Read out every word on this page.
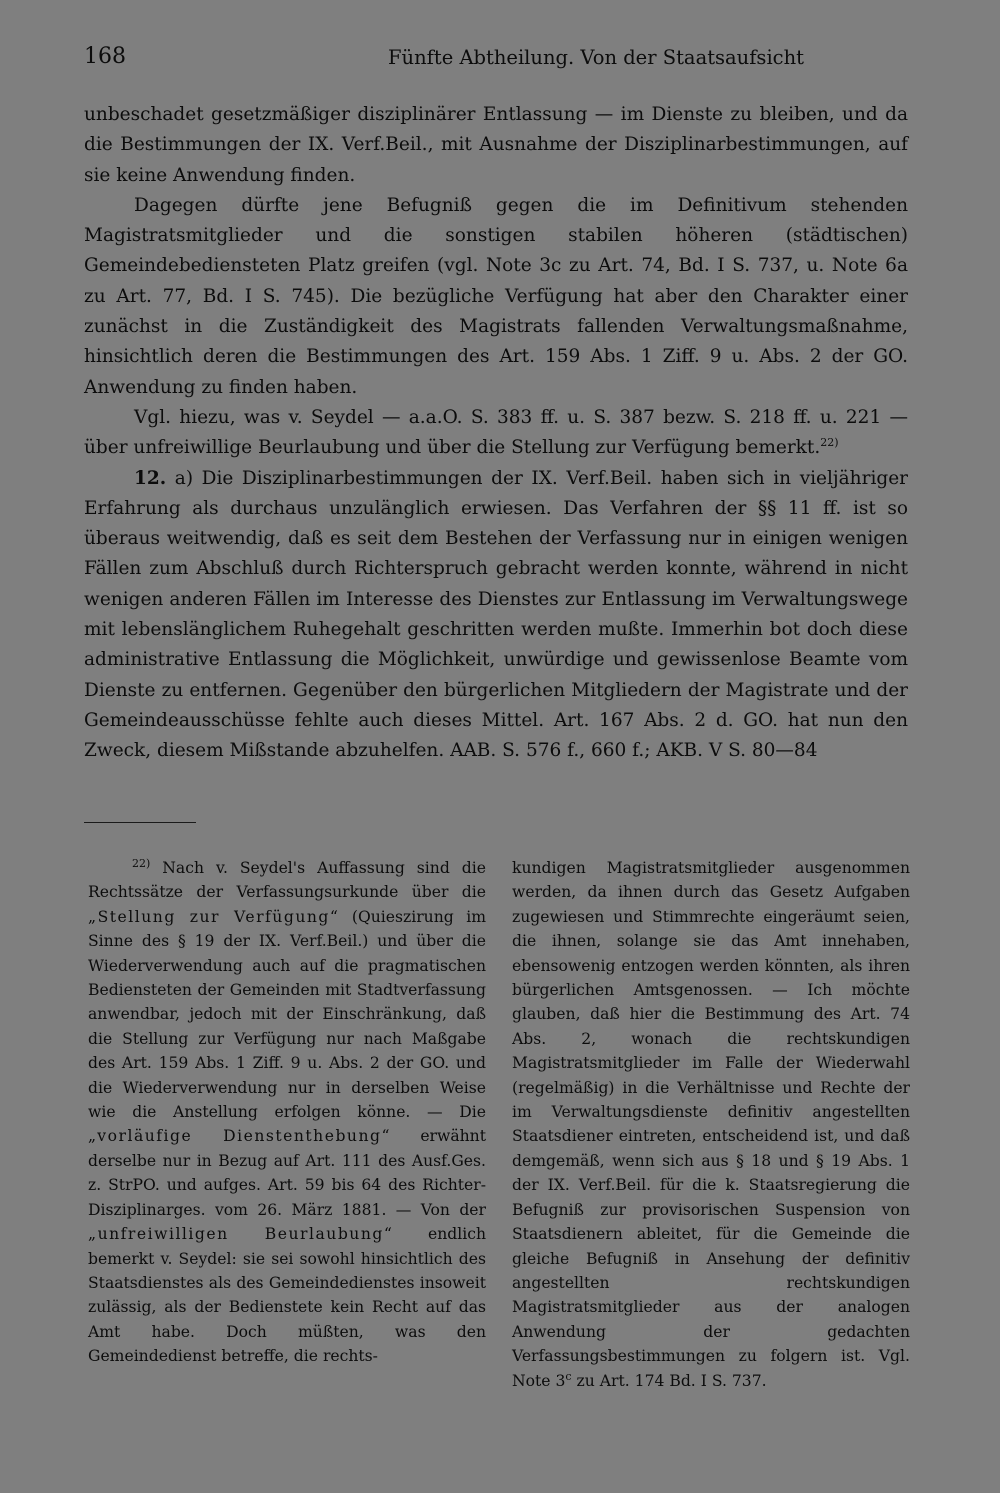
168	Fünfte Abtheilung. Von der Staatsaufsicht

unbeschadet gesetzmäßiger disziplinärer Entlassung — im Dienste zu bleiben, und da die Bestimmungen der IX. Verf.Beil., mit Ausnahme der Disziplinarbestimmungen, auf sie keine Anwendung finden.

Dagegen dürfte jene Befugniß gegen die im Definitivum stehenden Magistratsmitglieder und die sonstigen stabilen höheren (städtischen) Gemeindebediensteten Platz greifen (vgl. Note 3c zu Art. 74, Bd. I S. 737, u. Note 6a zu Art. 77, Bd. I S. 745). Die bezügliche Verfügung hat aber den Charakter einer zunächst in die Zuständigkeit des Magistrats fallenden Verwaltungsmaßnahme, hinsichtlich deren die Bestimmungen des Art. 159 Abs. 1 Ziff. 9 u. Abs. 2 der GO. Anwendung zu finden haben.

Vgl. hiezu, was v. Seydel — a.a.O. S. 383 ff. u. S. 387 bezw. S. 218 ff. u. 221 — über unfreiwillige Beurlaubung und über die Stellung zur Verfügung bemerkt.$^{22)}$

12. a) Die Disziplinarbestimmungen der IX. Verf.Beil. haben sich in vieljähriger Erfahrung als durchaus unzulänglich erwiesen. Das Verfahren der §§ 11 ff. ist so überaus weitwendig, daß es seit dem Bestehen der Verfassung nur in einigen wenigen Fällen zum Abschluß durch Richterspruch gebracht werden konnte, während in nicht wenigen anderen Fällen im Interesse des Dienstes zur Entlassung im Verwaltungswege mit lebenslänglichem Ruhegehalt geschritten werden mußte. Immerhin bot doch diese administrative Entlassung die Möglichkeit, unwürdige und gewissenlose Beamte vom Dienste zu entfernen. Gegenüber den bürgerlichen Mitgliedern der Magistrate und der Gemeindeausschüsse fehlte auch dieses Mittel. Art. 167 Abs. 2 d. GO. hat nun den Zweck, diesem Mißstande abzuhelfen. AAB. S. 576 f., 660 f.; AKB. V S. 80—84

$^{22)}$ Nach v. Seydel's Auffassung sind die Rechtssätze der Verfassungsurkunde über die „Stellung zur Verfügung“ (Quieszirung im Sinne des § 19 der IX. Verf.Beil.) und über die Wiederverwendung auch auf die pragmatischen Bediensteten der Gemeinden mit Stadtverfassung anwendbar, jedoch mit der Einschränkung, daß die Stellung zur Verfügung nur nach Maßgabe des Art. 159 Abs. 1 Ziff. 9 u. Abs. 2 der GO. und die Wiederverwendung nur in derselben Weise wie die Anstellung erfolgen könne. — Die „vorläufige Dienstenthebung“ erwähnt derselbe nur in Bezug auf Art. 111 des Ausf.Ges. z. StrPO. und aufges. Art. 59 bis 64 des Richter-Disziplinarges. vom 26. März 1881. — Von der „unfreiwilligen Beurlaubung“ endlich bemerkt v. Seydel: sie sei sowohl hinsichtlich des Staatsdienstes als des Gemeindedienstes insoweit zulässig, als der Bedienstete kein Recht auf das Amt habe. Doch müßten, was den Gemeindedienst betreffe, die rechts-

kundigen Magistratsmitglieder ausgenommen werden, da ihnen durch das Gesetz Aufgaben zugewiesen und Stimmrechte eingeräumt seien, die ihnen, solange sie das Amt innehaben, ebensowenig entzogen werden könnten, als ihren bürgerlichen Amtsgenossen. — Ich möchte glauben, daß hier die Bestimmung des Art. 74 Abs. 2, wonach die rechtskundigen Magistratsmitglieder im Falle der Wiederwahl (regelmäßig) in die Verhältnisse und Rechte der im Verwaltungsdienste definitiv angestellten Staatsdiener eintreten, entscheidend ist, und daß demgemäß, wenn sich aus § 18 und § 19 Abs. 1 der IX. Verf.Beil. für die k. Staatsregierung die Befugniß zur provisorischen Suspension von Staatsdienern ableitet, für die Gemeinde die gleiche Befugniß in Ansehung der definitiv angestellten rechtskundigen Magistratsmitglieder aus der analogen Anwendung der gedachten Verfassungsbestimmungen zu folgern ist. Vgl. Note 3$^c$ zu Art. 174 Bd. I S. 737.
